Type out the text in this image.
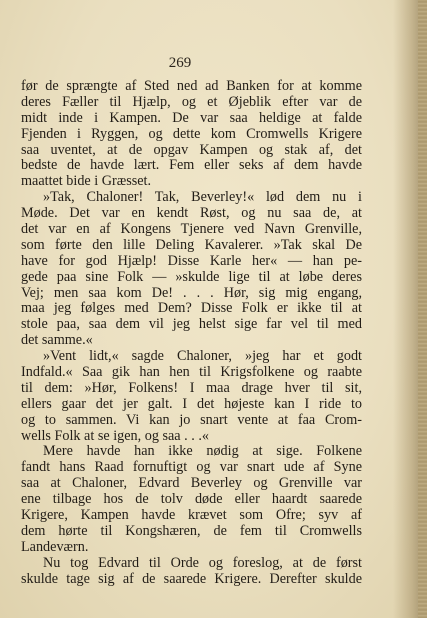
269
før de sprængte af Sted ned ad Banken for at komme
deres Fæller til Hjælp, og et Øjeblik efter var de
midt inde i Kampen. De var saa heldige at falde
Fjenden i Ryggen, og dette kom Cromwells Krigere
saa uventet, at de opgav Kampen og stak af, det
bedste de havde lært. Fem eller seks af dem havde
maattet bide i Græsset.
»Tak, Chaloner! Tak, Beverley!« lød dem nu i
Møde. Det var en kendt Røst, og nu saa de, at
det var en af Kongens Tjenere ved Navn Grenville,
som førte den lille Deling Kavalerer. »Tak skal De
have for god Hjælp! Disse Karle her« — han pe-
gede paa sine Folk — »skulde lige til at løbe deres
Vej; men saa kom De! . . . Hør, sig mig engang,
maa jeg følges med Dem? Disse Folk er ikke til at
stole paa, saa dem vil jeg helst sige far vel til med
det samme.«
»Vent lidt,« sagde Chaloner, »jeg har et godt
Indfald.« Saa gik han hen til Krigsfolkene og raabte
til dem: »Hør, Folkens! I maa drage hver til sit,
ellers gaar det jer galt. I det højeste kan I ride to
og to sammen. Vi kan jo snart vente at faa Crom-
wells Folk at se igen, og saa . . .«
Mere havde han ikke nødig at sige. Folkene
fandt hans Raad fornuftigt og var snart ude af Syne
saa at Chaloner, Edvard Beverley og Grenville var
ene tilbage hos de tolv døde eller haardt saarede
Krigere, Kampen havde krævet som Ofre; syv af
dem hørte til Kongshæren, de fem til Cromwells
Landeværn.
Nu tog Edvard til Orde og foreslog, at de først
skulde tage sig af de saarede Krigere. Derefter skulde
